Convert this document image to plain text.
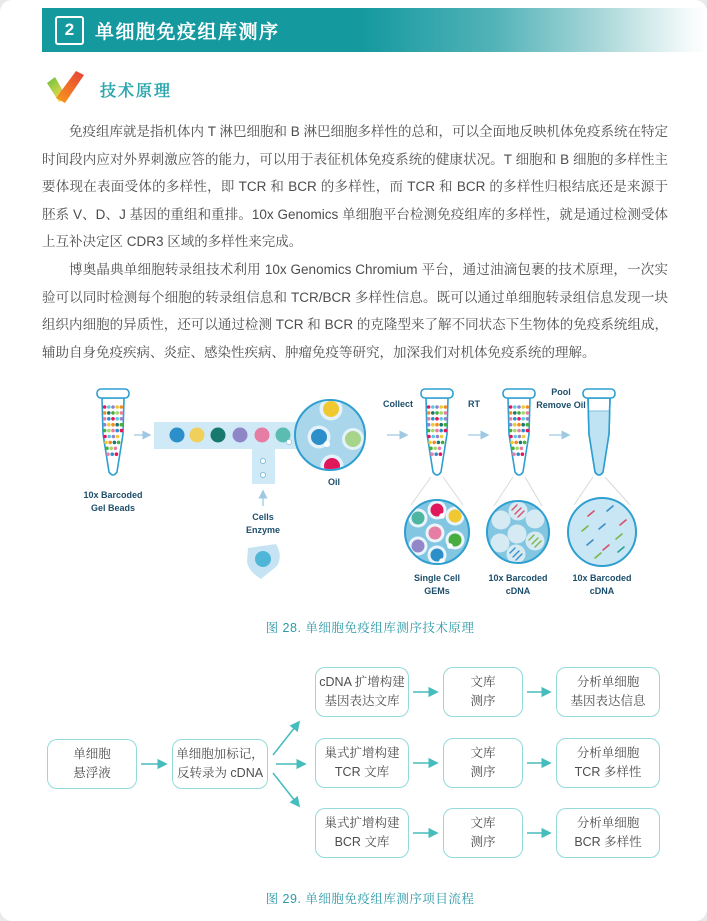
2	单细胞免疫组库测序
技术原理

免疫组库就是指机体内 T 淋巴细胞和 B 淋巴细胞多样性的总和，可以全面地反映机体免疫系统在特定时间段内应对外界刺激应答的能力，可以用于表征机体免疫系统的健康状况。T 细胞和 B 细胞的多样性主要体现在表面受体的多样性，即 TCR 和 BCR 的多样性，而 TCR 和 BCR 的多样性归根结底还是来源于胚系 V、D、J 基因的重组和重排。10x Genomics 单细胞平台检测免疫组库的多样性，就是通过检测受体上互补决定区 CDR3 区域的多样性来完成。

博奥晶典单细胞转录组技术利用 10x Genomics Chromium 平台，通过油滴包裹的技术原理，一次实验可以同时检测每个细胞的转录组信息和 TCR/BCR 多样性信息。既可以通过单细胞转录组信息发现一块组织内细胞的异质性，还可以通过检测 TCR 和 BCR 的克隆型来了解不同状态下生物体的免疫系统组成，辅助自身免疫疾病、炎症、感染性疾病、肿瘤免疫等研究，加深我们对机体免疫系统的理解。

10x Barcoded
Gel Beads
Oil
Cells
Enzyme
Collect	RT
Pool
Remove Oil
Single Cell
GEMs
10x Barcoded
cDNA
10x Barcoded
cDNA
图 28. 单细胞免疫组库测序技术原理
单细胞
悬浮液
单细胞加标记，
反转录为 cDNA
cDNA 扩增构建
基因表达文库
巢式扩增构建
TCR 文库
巢式扩增构建
BCR 文库
文库
测序
文库
测序
文库
测序
分析单细胞
基因表达信息
分析单细胞
TCR 多样性
分析单细胞
BCR 多样性
图 29. 单细胞免疫组库测序项目流程
